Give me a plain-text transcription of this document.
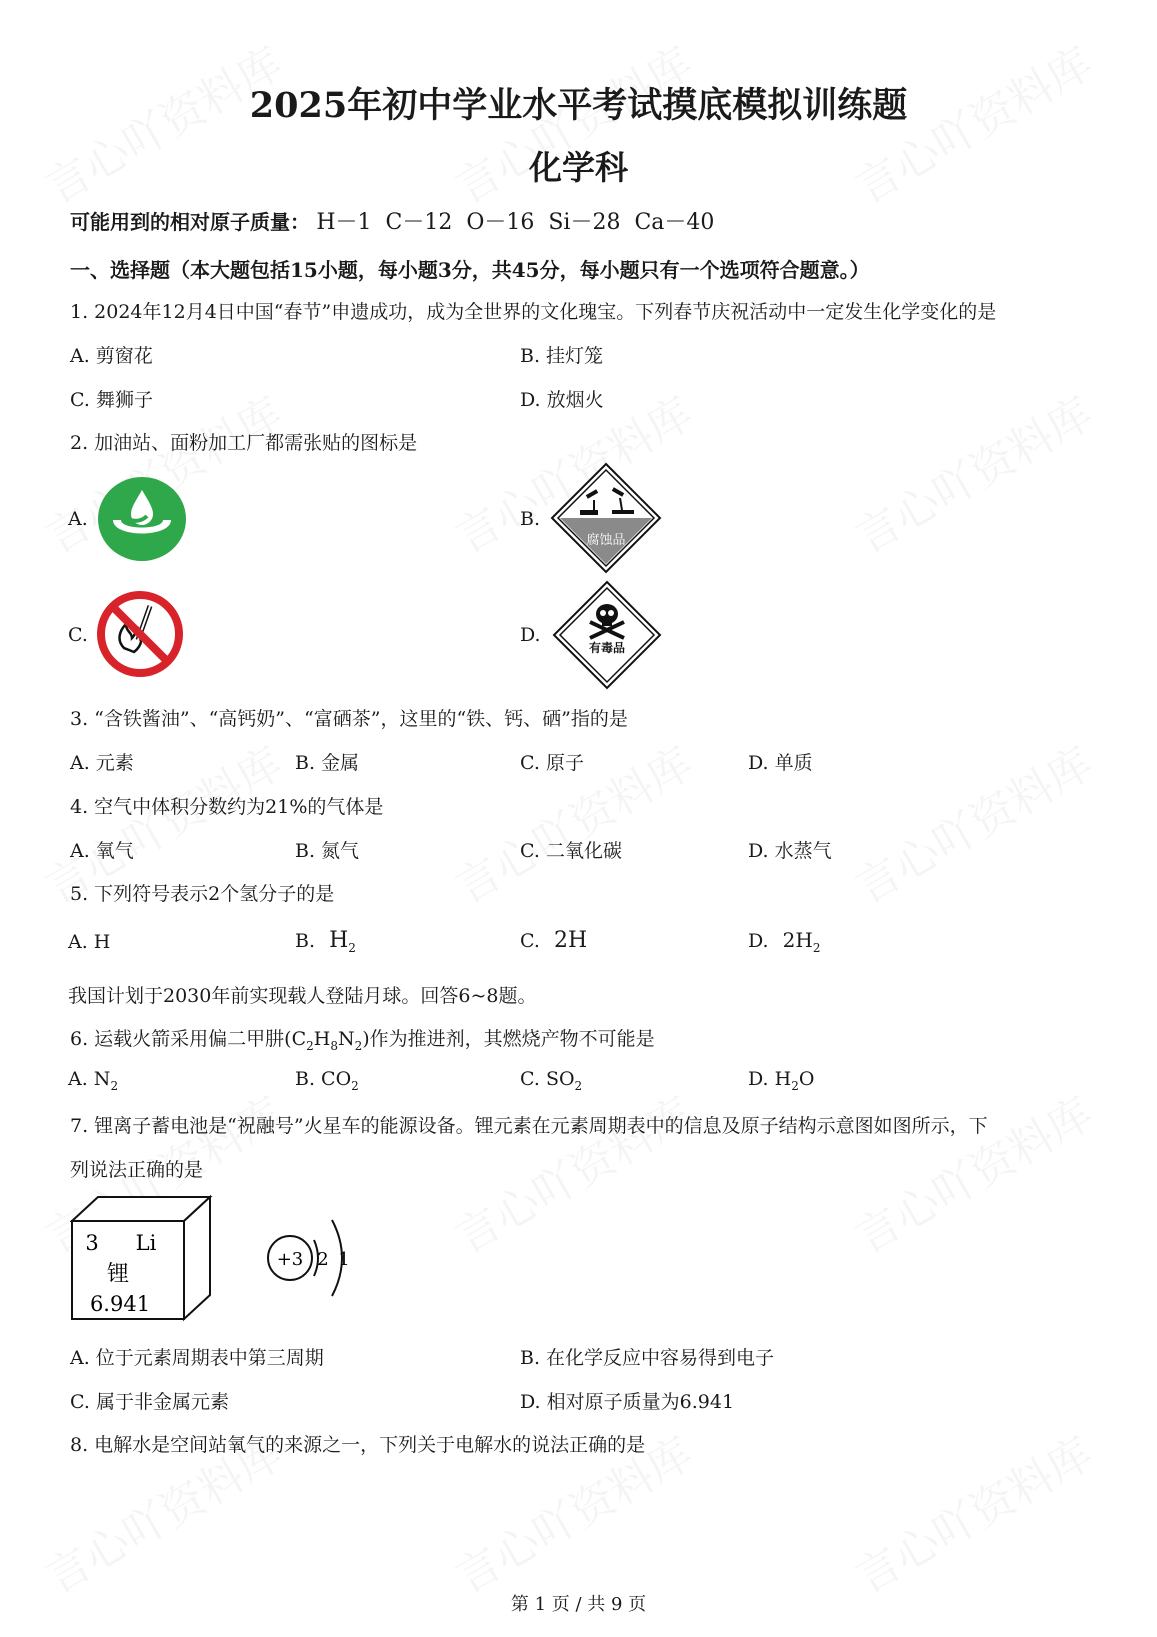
2025年初中学业水平考试摸底模拟训练题
化学科
可能用到的相对原子质量： H－1  C－12  O－16  Si－28  Ca－40
一、选择题（本大题包括15小题，每小题3分，共45分，每小题只有一个选项符合题意。）
1. 2024年12月4日中国“春节”申遗成功，成为全世界的文化瑰宝。下列春节庆祝活动中一定发生化学变化的是
A. 剪窗花	B. 挂灯笼
C. 舞狮子	D. 放烟火
2. 加油站、面粉加工厂都需张贴的图标是
A.	B.
C.	D.
腐蚀品
有毒品
3. “含铁酱油”、“高钙奶”、“富硒茶”，这里的“铁、钙、硒”指的是
A. 元素	B. 金属	C. 原子	D. 单质
4. 空气中体积分数约为21%的气体是
A. 氧气	B. 氮气	C. 二氧化碳	D. 水蒸气
5. 下列符号表示2个氢分子的是
A. H	B. $H_2$	C. 2H	D. $2H_2$
我国计划于2030年前实现载人登陆月球。回答6~8题。
6. 运载火箭采用偏二甲肼$(C_2H_8N_2)$作为推进剂，其燃烧产物不可能是
A. $N_2$	B. $CO_2$	C. $SO_2$	D. $H_2O$
7. 锂离子蓄电池是“祝融号”火星车的能源设备。锂元素在元素周期表中的信息及原子结构示意图如图所示，下
列说法正确的是
3 Li
锂
6.941
+3 2 1
A. 位于元素周期表中第三周期	B. 在化学反应中容易得到电子
C. 属于非金属元素	D. 相对原子质量为6.941
8. 电解水是空间站氧气的来源之一，下列关于电解水的说法正确的是
第 1 页 / 共 9 页
